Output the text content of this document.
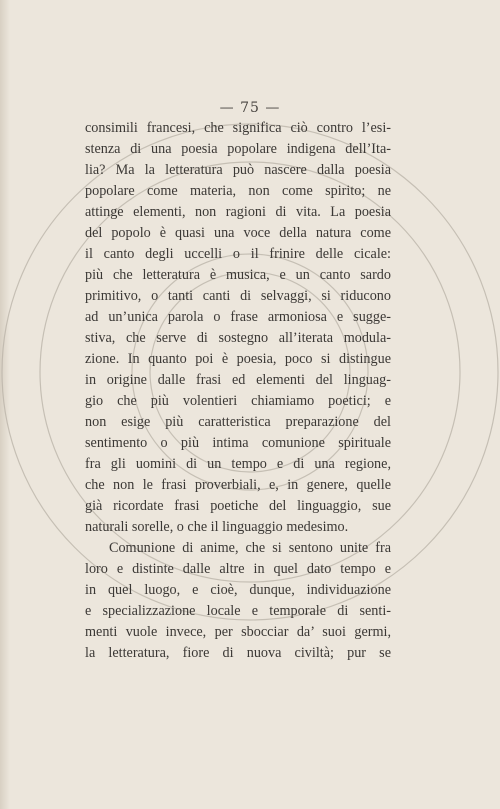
— 75 —
consimili francesi, che significa ciò contro l’esi-
stenza di una poesia popolare indigena dell’Ita-
lia? Ma la letteratura può nascere dalla poesia
popolare come materia, non come spirito; ne
attinge elementi, non ragioni di vita. La poesia
del popolo è quasi una voce della natura come
il canto degli uccelli o il frinire delle cicale:
più che letteratura è musica, e un canto sardo
primitivo, o tanti canti di selvaggi, si riducono
ad un’unica parola o frase armoniosa e sugge-
stiva, che serve di sostegno all’iterata modula-
zione. In quanto poi è poesia, poco si distingue
in origine dalle frasi ed elementi del linguag-
gio che più volentieri chiamiamo poetici; e
non esige più caratteristica preparazione del
sentimento o più intima comunione spirituale
fra gli uomini di un tempo e di una regione,
che non le frasi proverbiali, e, in genere, quelle
già ricordate frasi poetiche del linguaggio, sue
naturali sorelle, o che il linguaggio medesimo.
Comunione di anime, che si sentono unite fra
loro e distinte dalle altre in quel dato tempo e
in quel luogo, e cioè, dunque, individuazione
e specializzazione locale e temporale di senti-
menti vuole invece, per sbocciar da’ suoi germi,
la letteratura, fiore di nuova civiltà; pur se
